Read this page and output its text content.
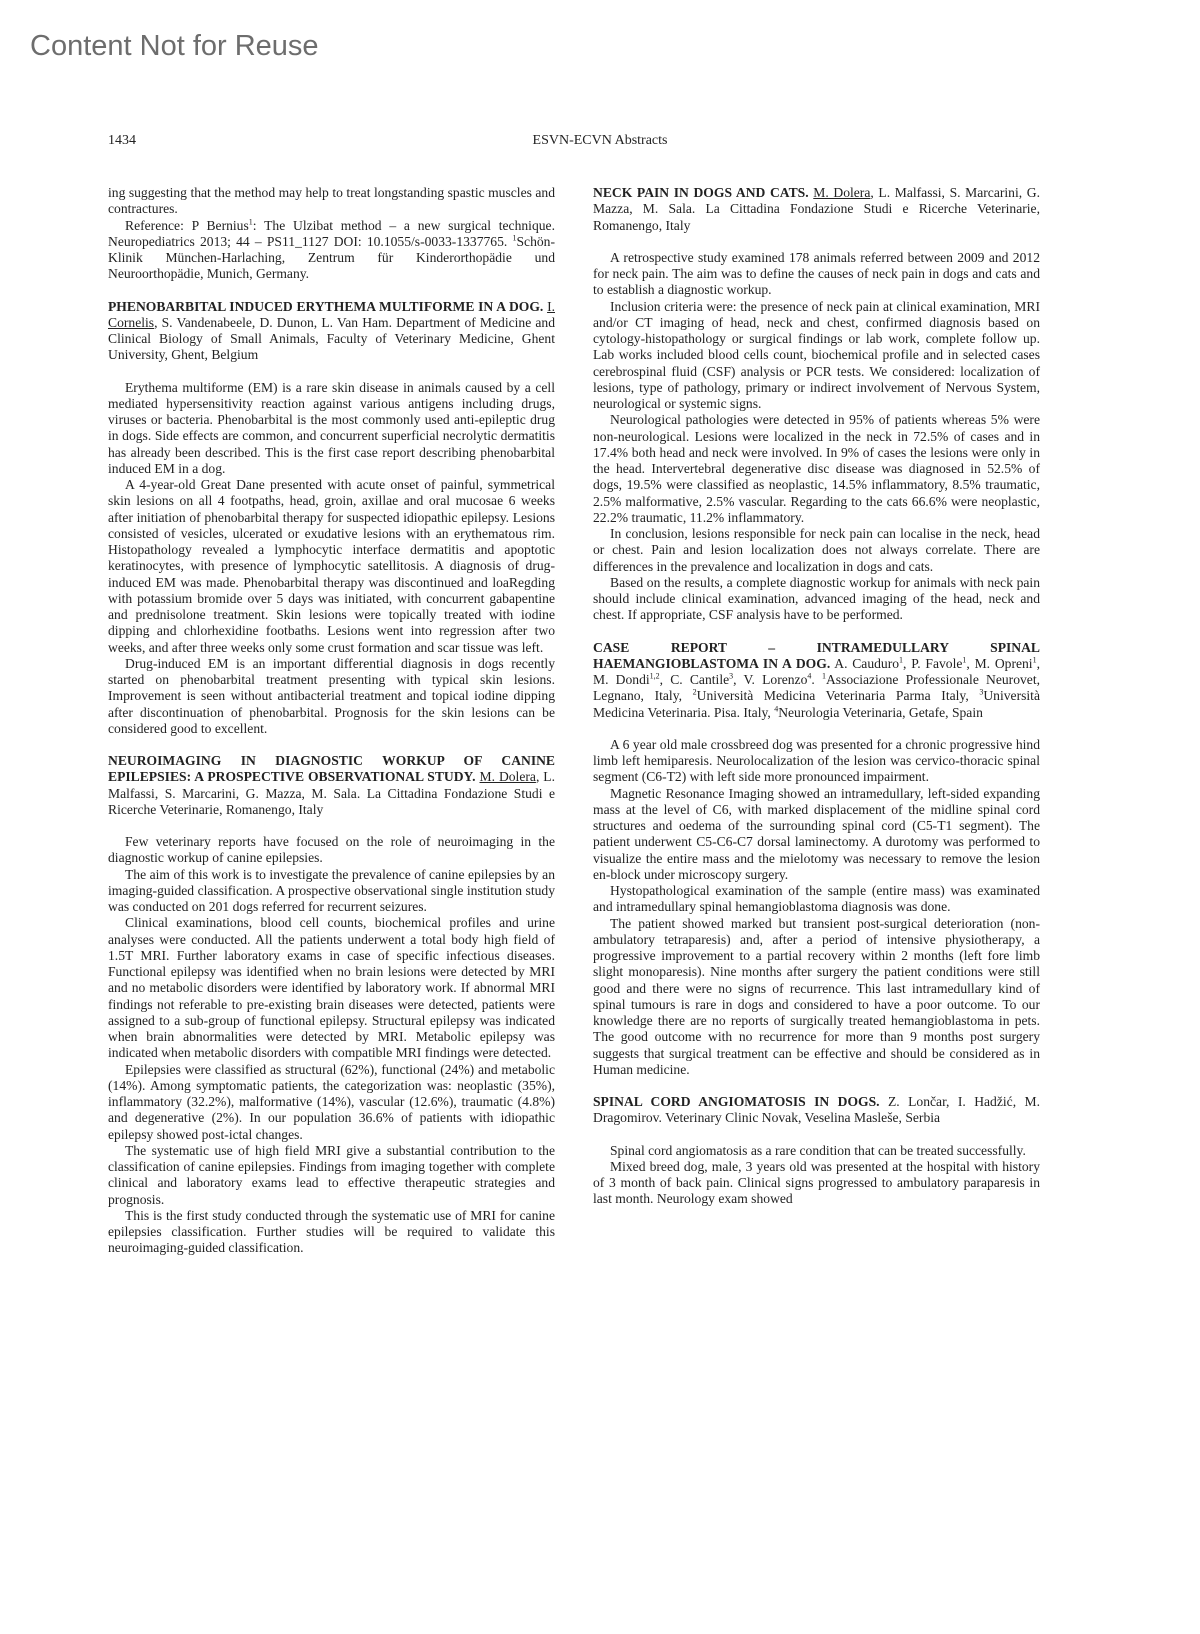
Content Not for Reuse
1434	ESVN-ECVN Abstracts

ing suggesting that the method may help to treat longstanding spastic muscles and contractures.

Reference: P Bernius$^1$: The Ulzibat method – a new surgical technique. Neuropediatrics 2013; 44 – PS11_1127 DOI: 10.1055/s-0033-1337765. $^1$Schön-Klinik München-Harlaching, Zentrum für Kinderorthopädie und Neuroorthopädie, Munich, Germany.

PHENOBARBITAL INDUCED ERYTHEMA MULTIFORME IN A DOG. I. Cornelis, S. Vandenabeele, D. Dunon, L. Van Ham. Department of Medicine and Clinical Biology of Small Animals, Faculty of Veterinary Medicine, Ghent University, Ghent, Belgium

Erythema multiforme (EM) is a rare skin disease in animals caused by a cell mediated hypersensitivity reaction against various antigens including drugs, viruses or bacteria. Phenobarbital is the most commonly used anti-epileptic drug in dogs. Side effects are common, and concurrent superficial necrolytic dermatitis has already been described. This is the first case report describing phenobarbital induced EM in a dog.

A 4-year-old Great Dane presented with acute onset of painful, symmetrical skin lesions on all 4 footpaths, head, groin, axillae and oral mucosae 6 weeks after initiation of phenobarbital therapy for suspected idiopathic epilepsy. Lesions consisted of vesicles, ulcerated or exudative lesions with an erythematous rim. Histopathology revealed a lymphocytic interface dermatitis and apoptotic keratinocytes, with presence of lymphocytic satellitosis. A diagnosis of drug-induced EM was made. Phenobarbital therapy was discontinued and loaRegding with potassium bromide over 5 days was initiated, with concurrent gabapentine and prednisolone treatment. Skin lesions were topically treated with iodine dipping and chlorhexidine footbaths. Lesions went into regression after two weeks, and after three weeks only some crust formation and scar tissue was left.

Drug-induced EM is an important differential diagnosis in dogs recently started on phenobarbital treatment presenting with typical skin lesions. Improvement is seen without antibacterial treatment and topical iodine dipping after discontinuation of phenobarbital. Prognosis for the skin lesions can be considered good to excellent.

NEUROIMAGING IN DIAGNOSTIC WORKUP OF CANINE EPILEPSIES: A PROSPECTIVE OBSERVATIONAL STUDY. M. Dolera, L. Malfassi, S. Marcarini, G. Mazza, M. Sala. La Cittadina Fondazione Studi e Ricerche Veterinarie, Romanengo, Italy

Few veterinary reports have focused on the role of neuroimaging in the diagnostic workup of canine epilepsies.

The aim of this work is to investigate the prevalence of canine epilepsies by an imaging-guided classification. A prospective observational single institution study was conducted on 201 dogs referred for recurrent seizures.

Clinical examinations, blood cell counts, biochemical profiles and urine analyses were conducted. All the patients underwent a total body high field of 1.5T MRI. Further laboratory exams in case of specific infectious diseases. Functional epilepsy was identified when no brain lesions were detected by MRI and no metabolic disorders were identified by laboratory work. If abnormal MRI findings not referable to pre-existing brain diseases were detected, patients were assigned to a sub-group of functional epilepsy. Structural epilepsy was indicated when brain abnormalities were detected by MRI. Metabolic epilepsy was indicated when metabolic disorders with compatible MRI findings were detected.

Epilepsies were classified as structural (62%), functional (24%) and metabolic (14%). Among symptomatic patients, the categorization was: neoplastic (35%), inflammatory (32.2%), malformative (14%), vascular (12.6%), traumatic (4.8%) and degenerative (2%). In our population 36.6% of patients with idiopathic epilepsy showed post-ictal changes.

The systematic use of high field MRI give a substantial contribution to the classification of canine epilepsies. Findings from imaging together with complete clinical and laboratory exams lead to effective therapeutic strategies and prognosis.

This is the first study conducted through the systematic use of MRI for canine epilepsies classification. Further studies will be required to validate this neuroimaging-guided classification.

NECK PAIN IN DOGS AND CATS. M. Dolera, L. Malfassi, S. Marcarini, G. Mazza, M. Sala. La Cittadina Fondazione Studi e Ricerche Veterinarie, Romanengo, Italy

A retrospective study examined 178 animals referred between 2009 and 2012 for neck pain. The aim was to define the causes of neck pain in dogs and cats and to establish a diagnostic workup.

Inclusion criteria were: the presence of neck pain at clinical examination, MRI and/or CT imaging of head, neck and chest, confirmed diagnosis based on cytology-histopathology or surgical findings or lab work, complete follow up. Lab works included blood cells count, biochemical profile and in selected cases cerebrospinal fluid (CSF) analysis or PCR tests. We considered: localization of lesions, type of pathology, primary or indirect involvement of Nervous System, neurological or systemic signs.

Neurological pathologies were detected in 95% of patients whereas 5% were non-neurological. Lesions were localized in the neck in 72.5% of cases and in 17.4% both head and neck were involved. In 9% of cases the lesions were only in the head. Intervertebral degenerative disc disease was diagnosed in 52.5% of dogs, 19.5% were classified as neoplastic, 14.5% inflammatory, 8.5% traumatic, 2.5% malformative, 2.5% vascular. Regarding to the cats 66.6% were neoplastic, 22.2% traumatic, 11.2% inflammatory.

In conclusion, lesions responsible for neck pain can localise in the neck, head or chest. Pain and lesion localization does not always correlate. There are differences in the prevalence and localization in dogs and cats.

Based on the results, a complete diagnostic workup for animals with neck pain should include clinical examination, advanced imaging of the head, neck and chest. If appropriate, CSF analysis have to be performed.

CASE REPORT – INTRAMEDULLARY SPINAL HAEMANGIOBLASTOMA IN A DOG. A. Cauduro$^1$, P. Favole$^1$, M. Opreni$^1$, M. Dondi$^{1,2}$, C. Cantile$^3$, V. Lorenzo$^4$. $^1$Associazione Professionale Neurovet, Legnano, Italy, $^2$Università Medicina Veterinaria Parma Italy, $^3$Università Medicina Veterinaria. Pisa. Italy, $^4$Neurologia Veterinaria, Getafe, Spain

A 6 year old male crossbreed dog was presented for a chronic progressive hind limb left hemiparesis. Neurolocalization of the lesion was cervico-thoracic spinal segment (C6-T2) with left side more pronounced impairment.

Magnetic Resonance Imaging showed an intramedullary, left-sided expanding mass at the level of C6, with marked displacement of the midline spinal cord structures and oedema of the surrounding spinal cord (C5-T1 segment). The patient underwent C5-C6-C7 dorsal laminectomy. A durotomy was performed to visualize the entire mass and the mielotomy was necessary to remove the lesion en-block under microscopy surgery.

Hystopathological examination of the sample (entire mass) was examinated and intramedullary spinal hemangioblastoma diagnosis was done.

The patient showed marked but transient post-surgical deterioration (non-ambulatory tetraparesis) and, after a period of intensive physiotherapy, a progressive improvement to a partial recovery within 2 months (left fore limb slight monoparesis). Nine months after surgery the patient conditions were still good and there were no signs of recurrence. This last intramedullary kind of spinal tumours is rare in dogs and considered to have a poor outcome. To our knowledge there are no reports of surgically treated hemangioblastoma in pets. The good outcome with no recurrence for more than 9 months post surgery suggests that surgical treatment can be effective and should be considered as in Human medicine.

SPINAL CORD ANGIOMATOSIS IN DOGS. Z. Lončar, I. Hadžić, M. Dragomirov. Veterinary Clinic Novak, Veselina Masleše, Serbia

Spinal cord angiomatosis as a rare condition that can be treated successfully.

Mixed breed dog, male, 3 years old was presented at the hospital with history of 3 month of back pain. Clinical signs progressed to ambulatory paraparesis in last month. Neurology exam showed
